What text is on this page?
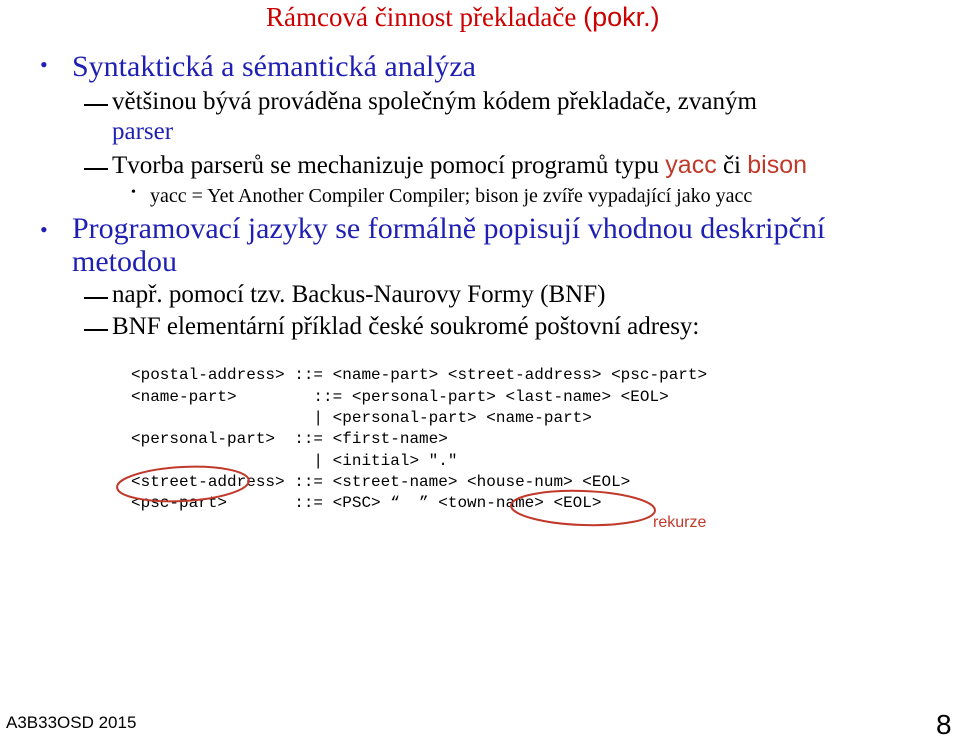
Rámcová činnost překladače (pokr.)
• Syntaktická a sémantická analýza
většinou bývá prováděna společným kódem překladače, zvaným
parser
Tvorba parserů se mechanizuje pomocí programů typu yacc či bison
• yacc = Yet Another Compiler Compiler; bison je zvíře vypadající jako yacc
• Programovací jazyky se formálně popisují vhodnou deskripční
metodou
např. pomocí tzv. Backus-Naurovy Formy (BNF)
BNF elementární příklad české soukromé poštovní adresy:
<postal-address> ::= <name-part> <street-address> <psc-part>
<name-part>        ::= <personal-part> <last-name> <EOL>
| <personal-part> <name-part>
<personal-part>  ::= <first-name>
| <initial> "."
<street-address> ::= <street-name> <house-num> <EOL>
<psc-part>       ::= <PSC> “  ” <town-name> <EOL>
rekurze
A3B33OSD 2015	8
